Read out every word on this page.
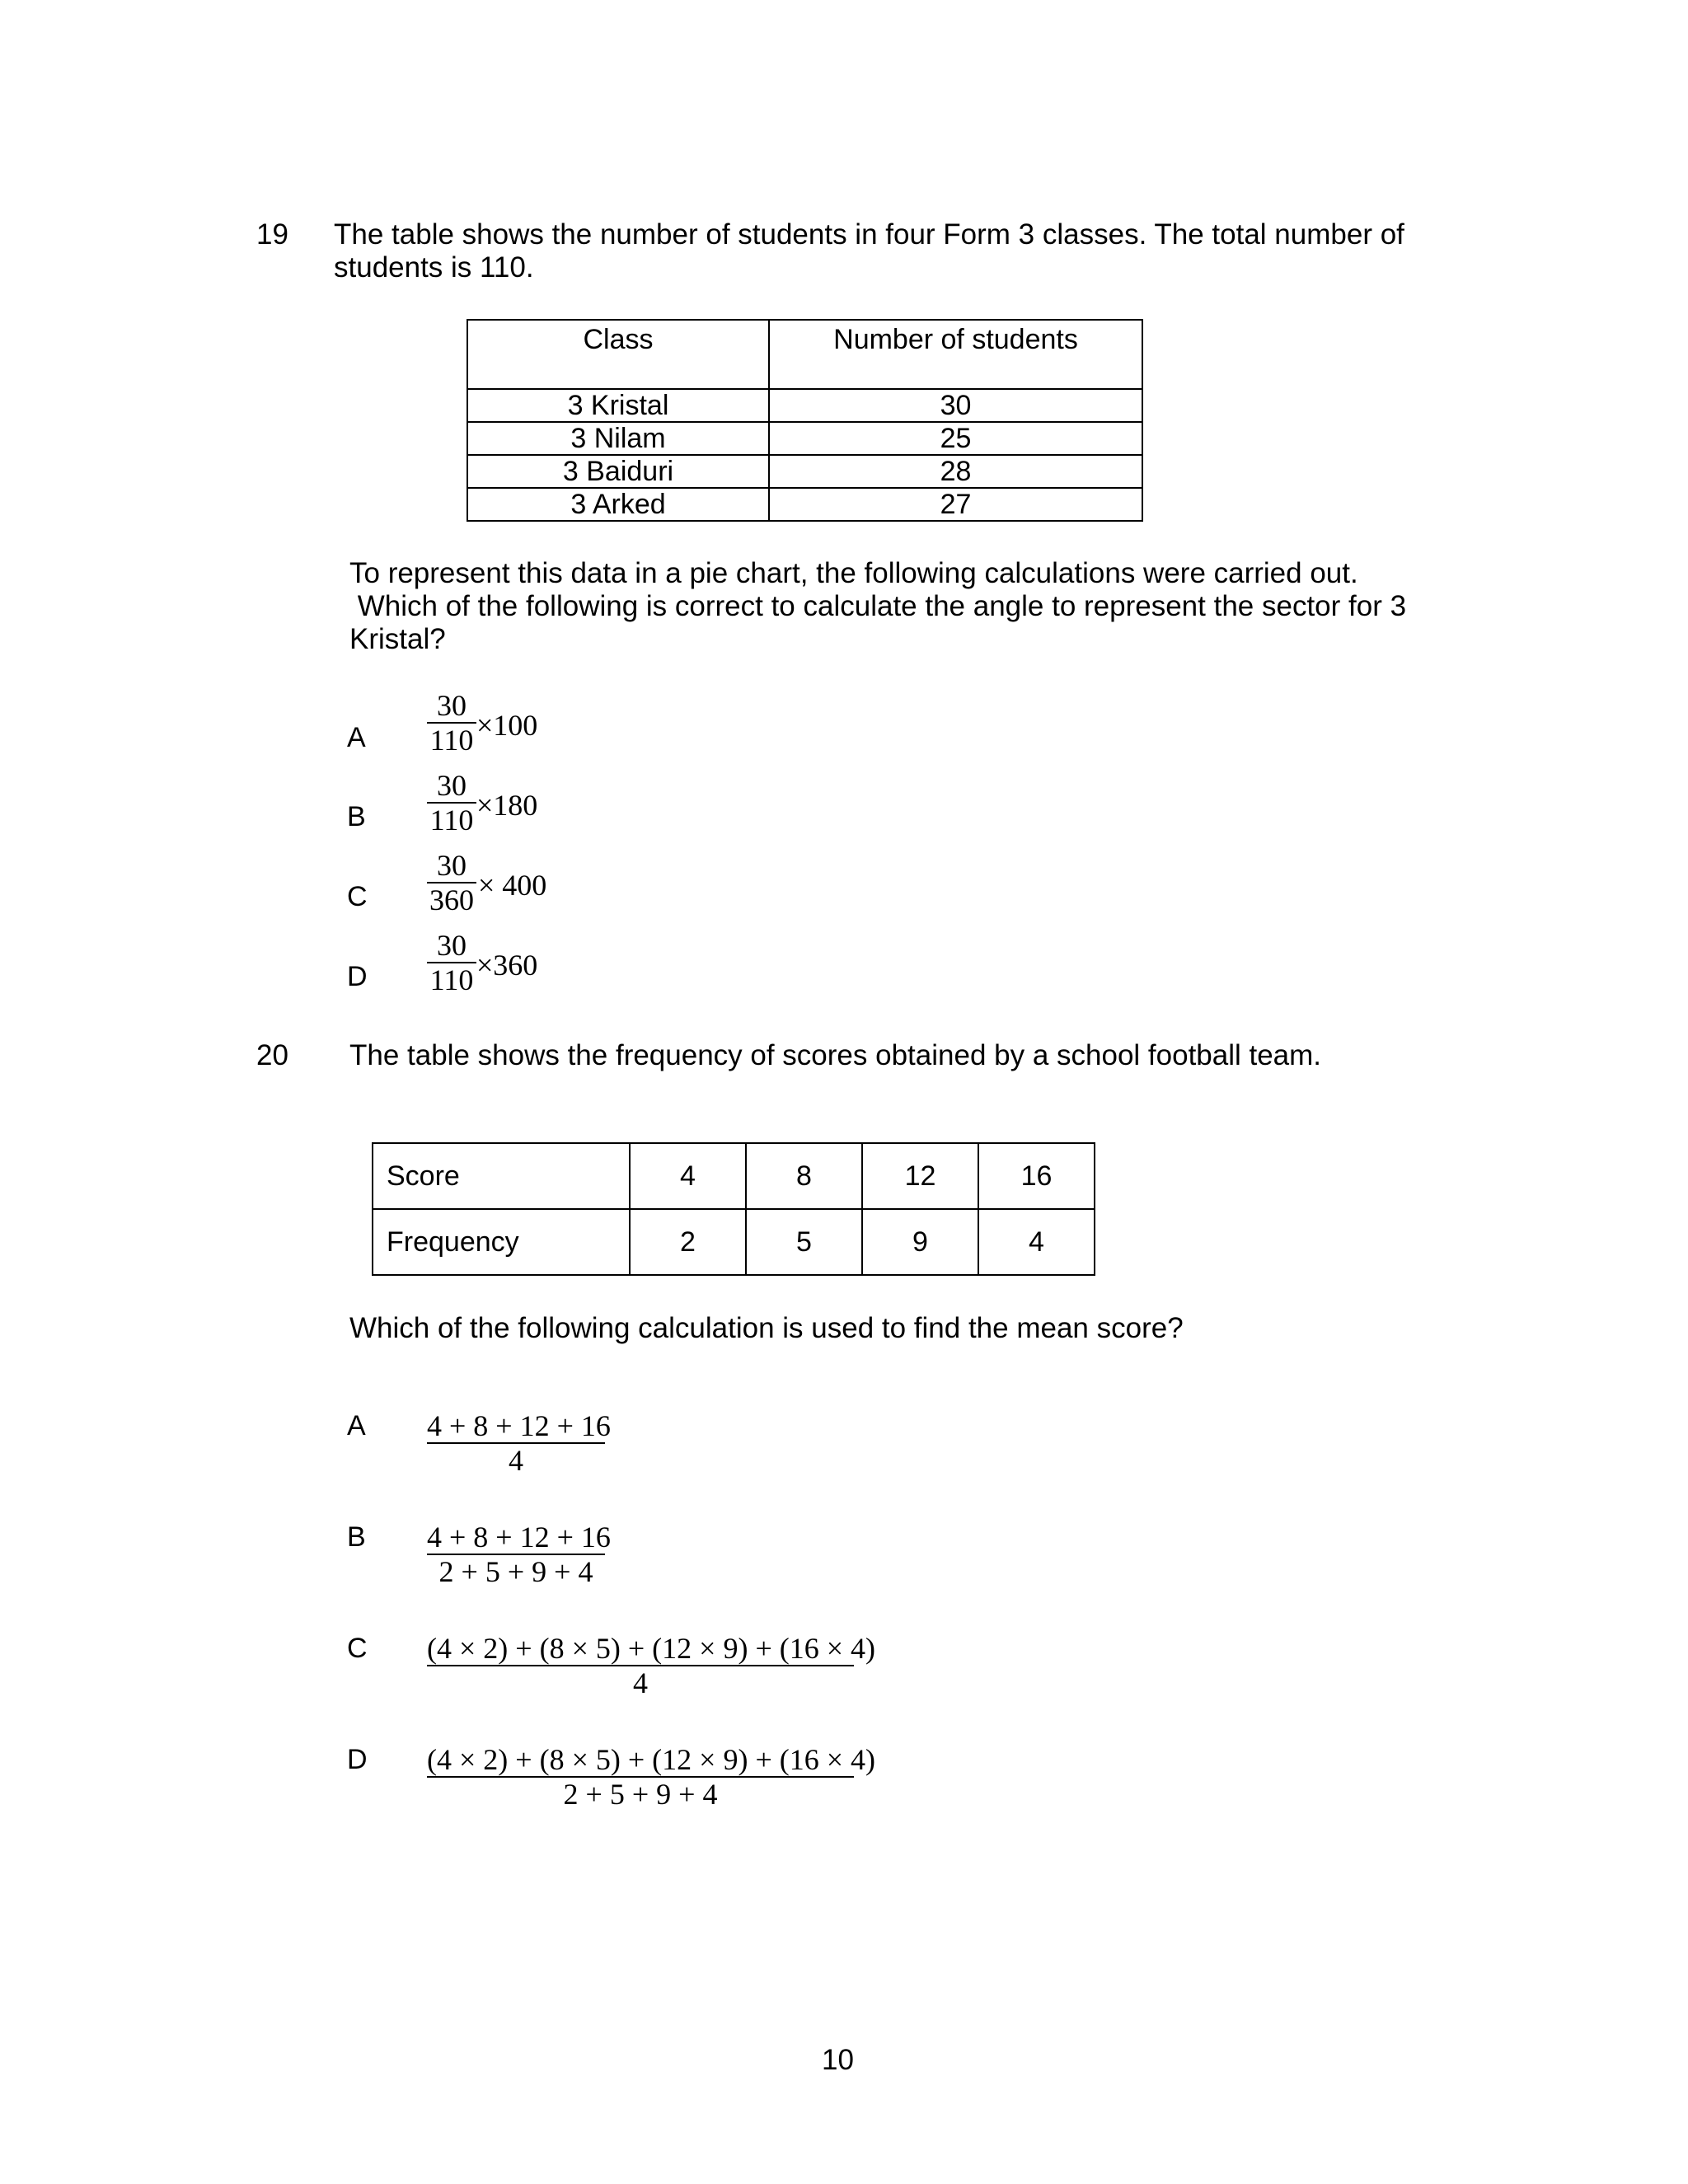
19 The table shows the number of students in four Form 3 classes. The total number of
students is 110.
Class	Number of students
3 Kristal	30
3 Nilam	25
3 Baiduri	28
3 Arked	27
To represent this data in a pie chart, the following calculations were carried out.
Which of the following is correct to calculate the angle to represent the sector for 3
Kristal?
A $\frac{30}{110} \times 100$
B $\frac{30}{110} \times 180$
C $\frac{30}{360} \times 400$
D $\frac{30}{110} \times 360$
20 The table shows the frequency of scores obtained by a school football team.
Score	4	8	12	16
Frequency	2	5	9	4
Which of the following calculation is used to find the mean score?
A $\frac{4 + 8 + 12 + 16}{4}$
B $\frac{4 + 8 + 12 + 16}{2 + 5 + 9 + 4}$
C $\frac{(4 \times 2) + (8 \times 5) + (12 \times 9) + (16 \times 4)}{4}$
D $\frac{(4 \times 2) + (8 \times 5) + (12 \times 9) + (16 \times 4)}{2 + 5 + 9 + 4}$
10
